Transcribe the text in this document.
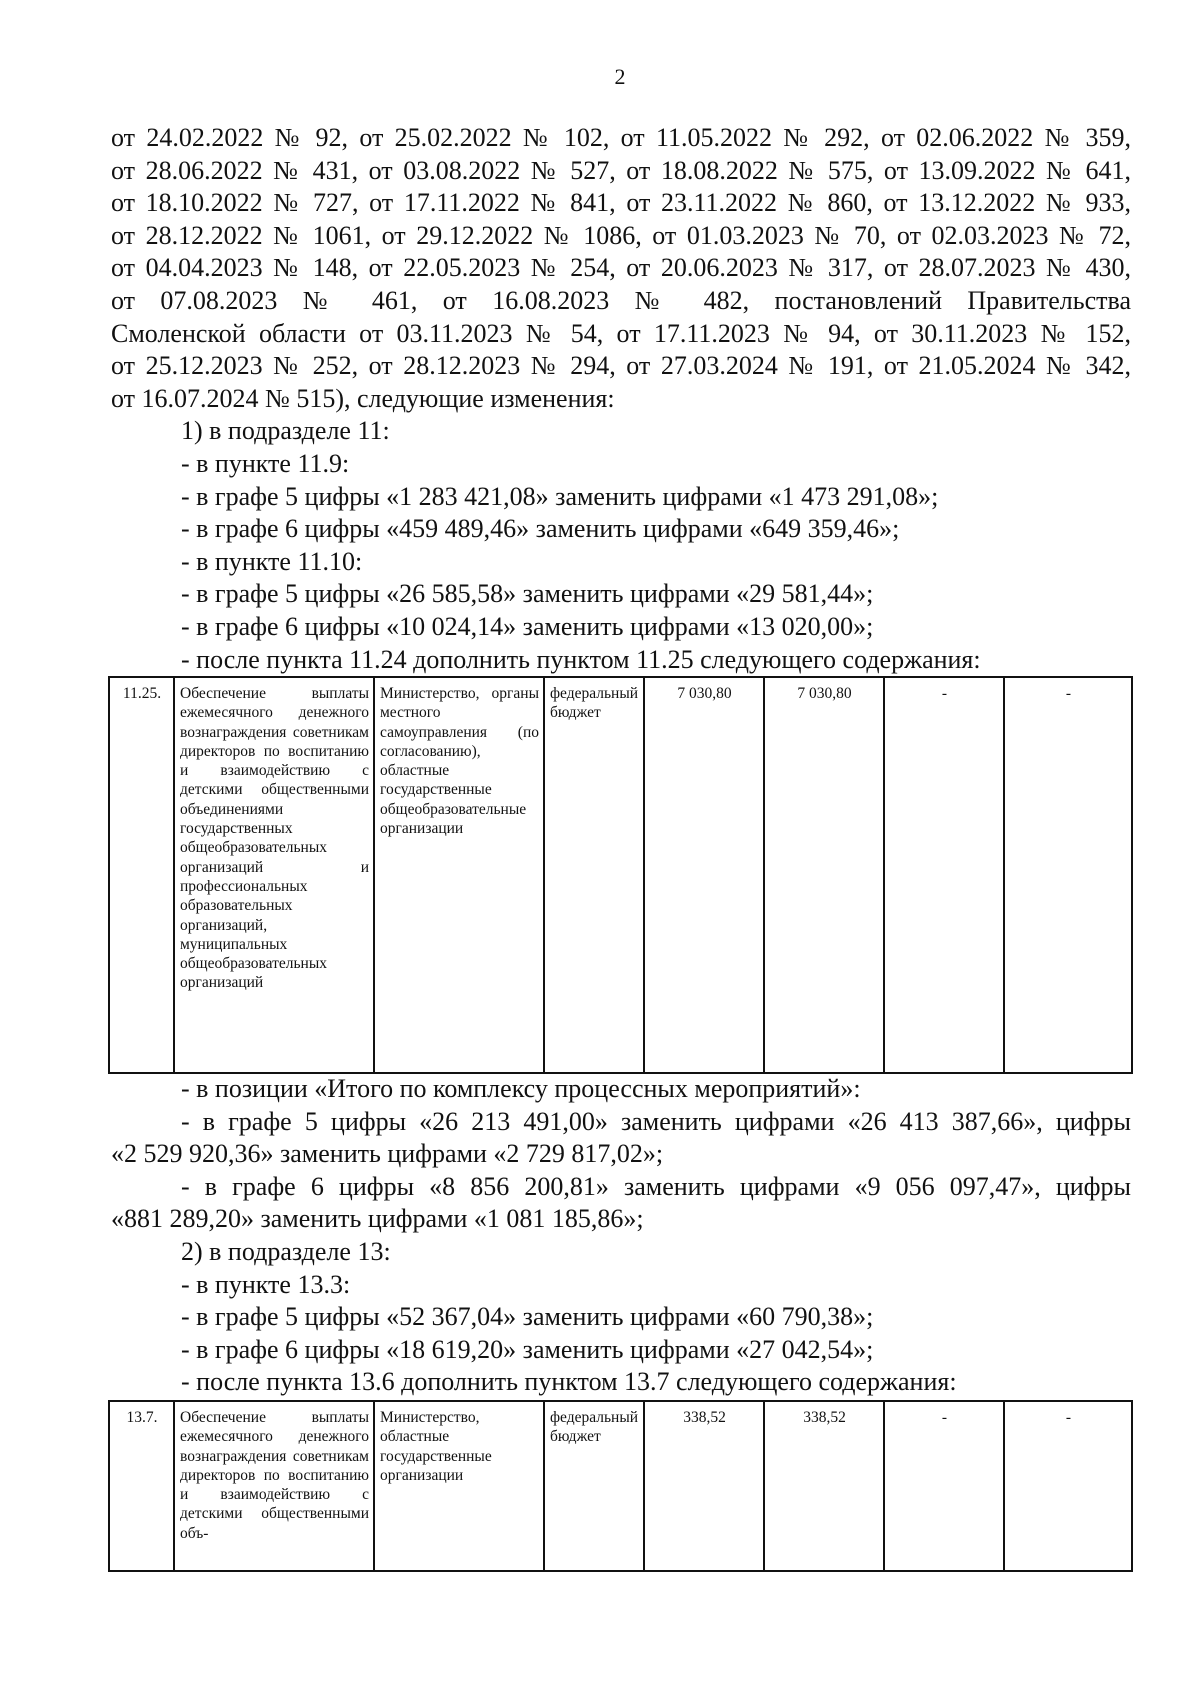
2
от 24.02.2022 № 92, от 25.02.2022 № 102, от 11.05.2022 № 292, от 02.06.2022 № 359,
от 28.06.2022 № 431, от 03.08.2022 № 527, от 18.08.2022 № 575, от 13.09.2022 № 641,
от 18.10.2022 № 727, от 17.11.2022 № 841, от 23.11.2022 № 860, от 13.12.2022 № 933,
от 28.12.2022 № 1061, от 29.12.2022 № 1086, от 01.03.2023 № 70, от 02.03.2023 № 72,
от 04.04.2023 № 148, от 22.05.2023 № 254, от 20.06.2023 № 317, от 28.07.2023 № 430,
от 07.08.2023 № 461, от 16.08.2023 № 482, постановлений Правительства
Смоленской области от 03.11.2023 № 54, от 17.11.2023 № 94, от 30.11.2023 № 152,
от 25.12.2023 № 252, от 28.12.2023 № 294, от 27.03.2024 № 191, от 21.05.2024 № 342,
от 16.07.2024 № 515), следующие изменения:
1) в подразделе 11:
- в пункте 11.9:
- в графе 5 цифры «1 283 421,08» заменить цифрами «1 473 291,08»;
- в графе 6 цифры «459 489,46» заменить цифрами «649 359,46»;
- в пункте 11.10:
- в графе 5 цифры «26 585,58» заменить цифрами «29 581,44»;
- в графе 6 цифры «10 024,14» заменить цифрами «13 020,00»;
- после пункта 11.24 дополнить пунктом 11.25 следующего содержания:
11.25.	Обеспечение выплаты ежемесячного денежного вознаграждения советникам директоров по воспитанию и взаимодействию с детскими общественными объединениями государственных общеобразовательных организаций и профессиональных образовательных организаций, муниципальных общеобразовательных организаций	Министерство, органы местного самоуправления (по согласованию), областные государственные общеобразовательные организации	федеральный бюджет	7 030,80	7 030,80	-	-
- в позиции «Итого по комплексу процессных мероприятий»:
- в графе 5 цифры «26 213 491,00» заменить цифрами «26 413 387,66», цифры
«2 529 920,36» заменить цифрами «2 729 817,02»;
- в графе 6 цифры «8 856 200,81» заменить цифрами «9 056 097,47», цифры
«881 289,20» заменить цифрами «1 081 185,86»;
2) в подразделе 13:
- в пункте 13.3:
- в графе 5 цифры «52 367,04» заменить цифрами «60 790,38»;
- в графе 6 цифры «18 619,20» заменить цифрами «27 042,54»;
- после пункта 13.6 дополнить пунктом 13.7 следующего содержания:
13.7.	Обеспечение выплаты ежемесячного денежного вознаграждения советникам директоров по воспитанию и взаимодействию с детскими общественными объ-	Министерство, областные государственные организации	федеральный бюджет	338,52	338,52	-	-
